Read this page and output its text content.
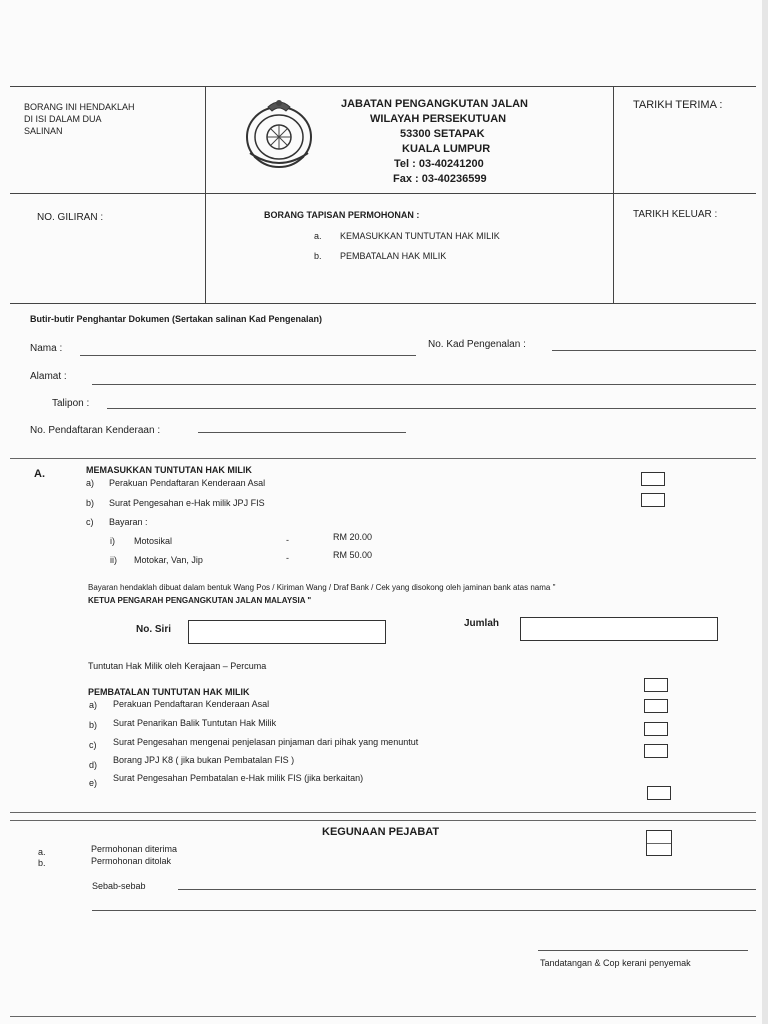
BORANG INI HENDAKLAH
DI ISI DALAM DUA
SALINAN
JABATAN PENGANGKUTAN JALAN
WILAYAH PERSEKUTUAN
53300 SETAPAK
KUALA LUMPUR
Tel : 03-40241200
Fax : 03-40236599
TARIKH TERIMA :
NO. GILIRAN :	BORANG TAPISAN PERMOHONAN :
a. KEMASUKKAN TUNTUTAN HAK MILIK
b. PEMBATALAN HAK MILIK
TARIKH KELUAR :
Butir-butir Penghantar Dokumen (Sertakan salinan Kad Pengenalan)
Nama :	No. Kad Pengenalan :
Alamat :
Talipon :
No. Pendaftaran Kenderaan :
A.	MEMASUKKAN TUNTUTAN HAK MILIK
a) Perakuan Pendaftaran Kenderaan Asal
b) Surat Pengesahan e-Hak milik JPJ FIS
c) Bayaran :
i) Motosikal	-	RM 20.00
ii) Motokar, Van, Jip	-	RM 50.00
Bayaran hendaklah dibuat dalam bentuk Wang Pos / Kiriman Wang / Draf Bank / Cek yang disokong oleh jaminan bank atas nama "
KETUA PENGARAH PENGANGKUTAN JALAN MALAYSIA "
No. Siri
Jumlah
Tuntutan Hak Milik oleh Kerajaan – Percuma
PEMBATALAN TUNTUTAN HAK MILIK
a) Perakuan Pendaftaran Kenderaan Asal
b) Surat Penarikan Balik Tuntutan Hak Milik
c) Surat Pengesahan mengenai penjelasan pinjaman dari pihak yang menuntut
d) Borang JPJ K8 ( jika bukan Pembatalan FIS )
e) Surat Pengesahan Pembatalan e-Hak milik FIS (jika berkaitan)
KEGUNAAN PEJABAT
a.	Permohonan diterima
b.	Permohonan ditolak
Sebab-sebab
Tandatangan & Cop kerani penyemak
